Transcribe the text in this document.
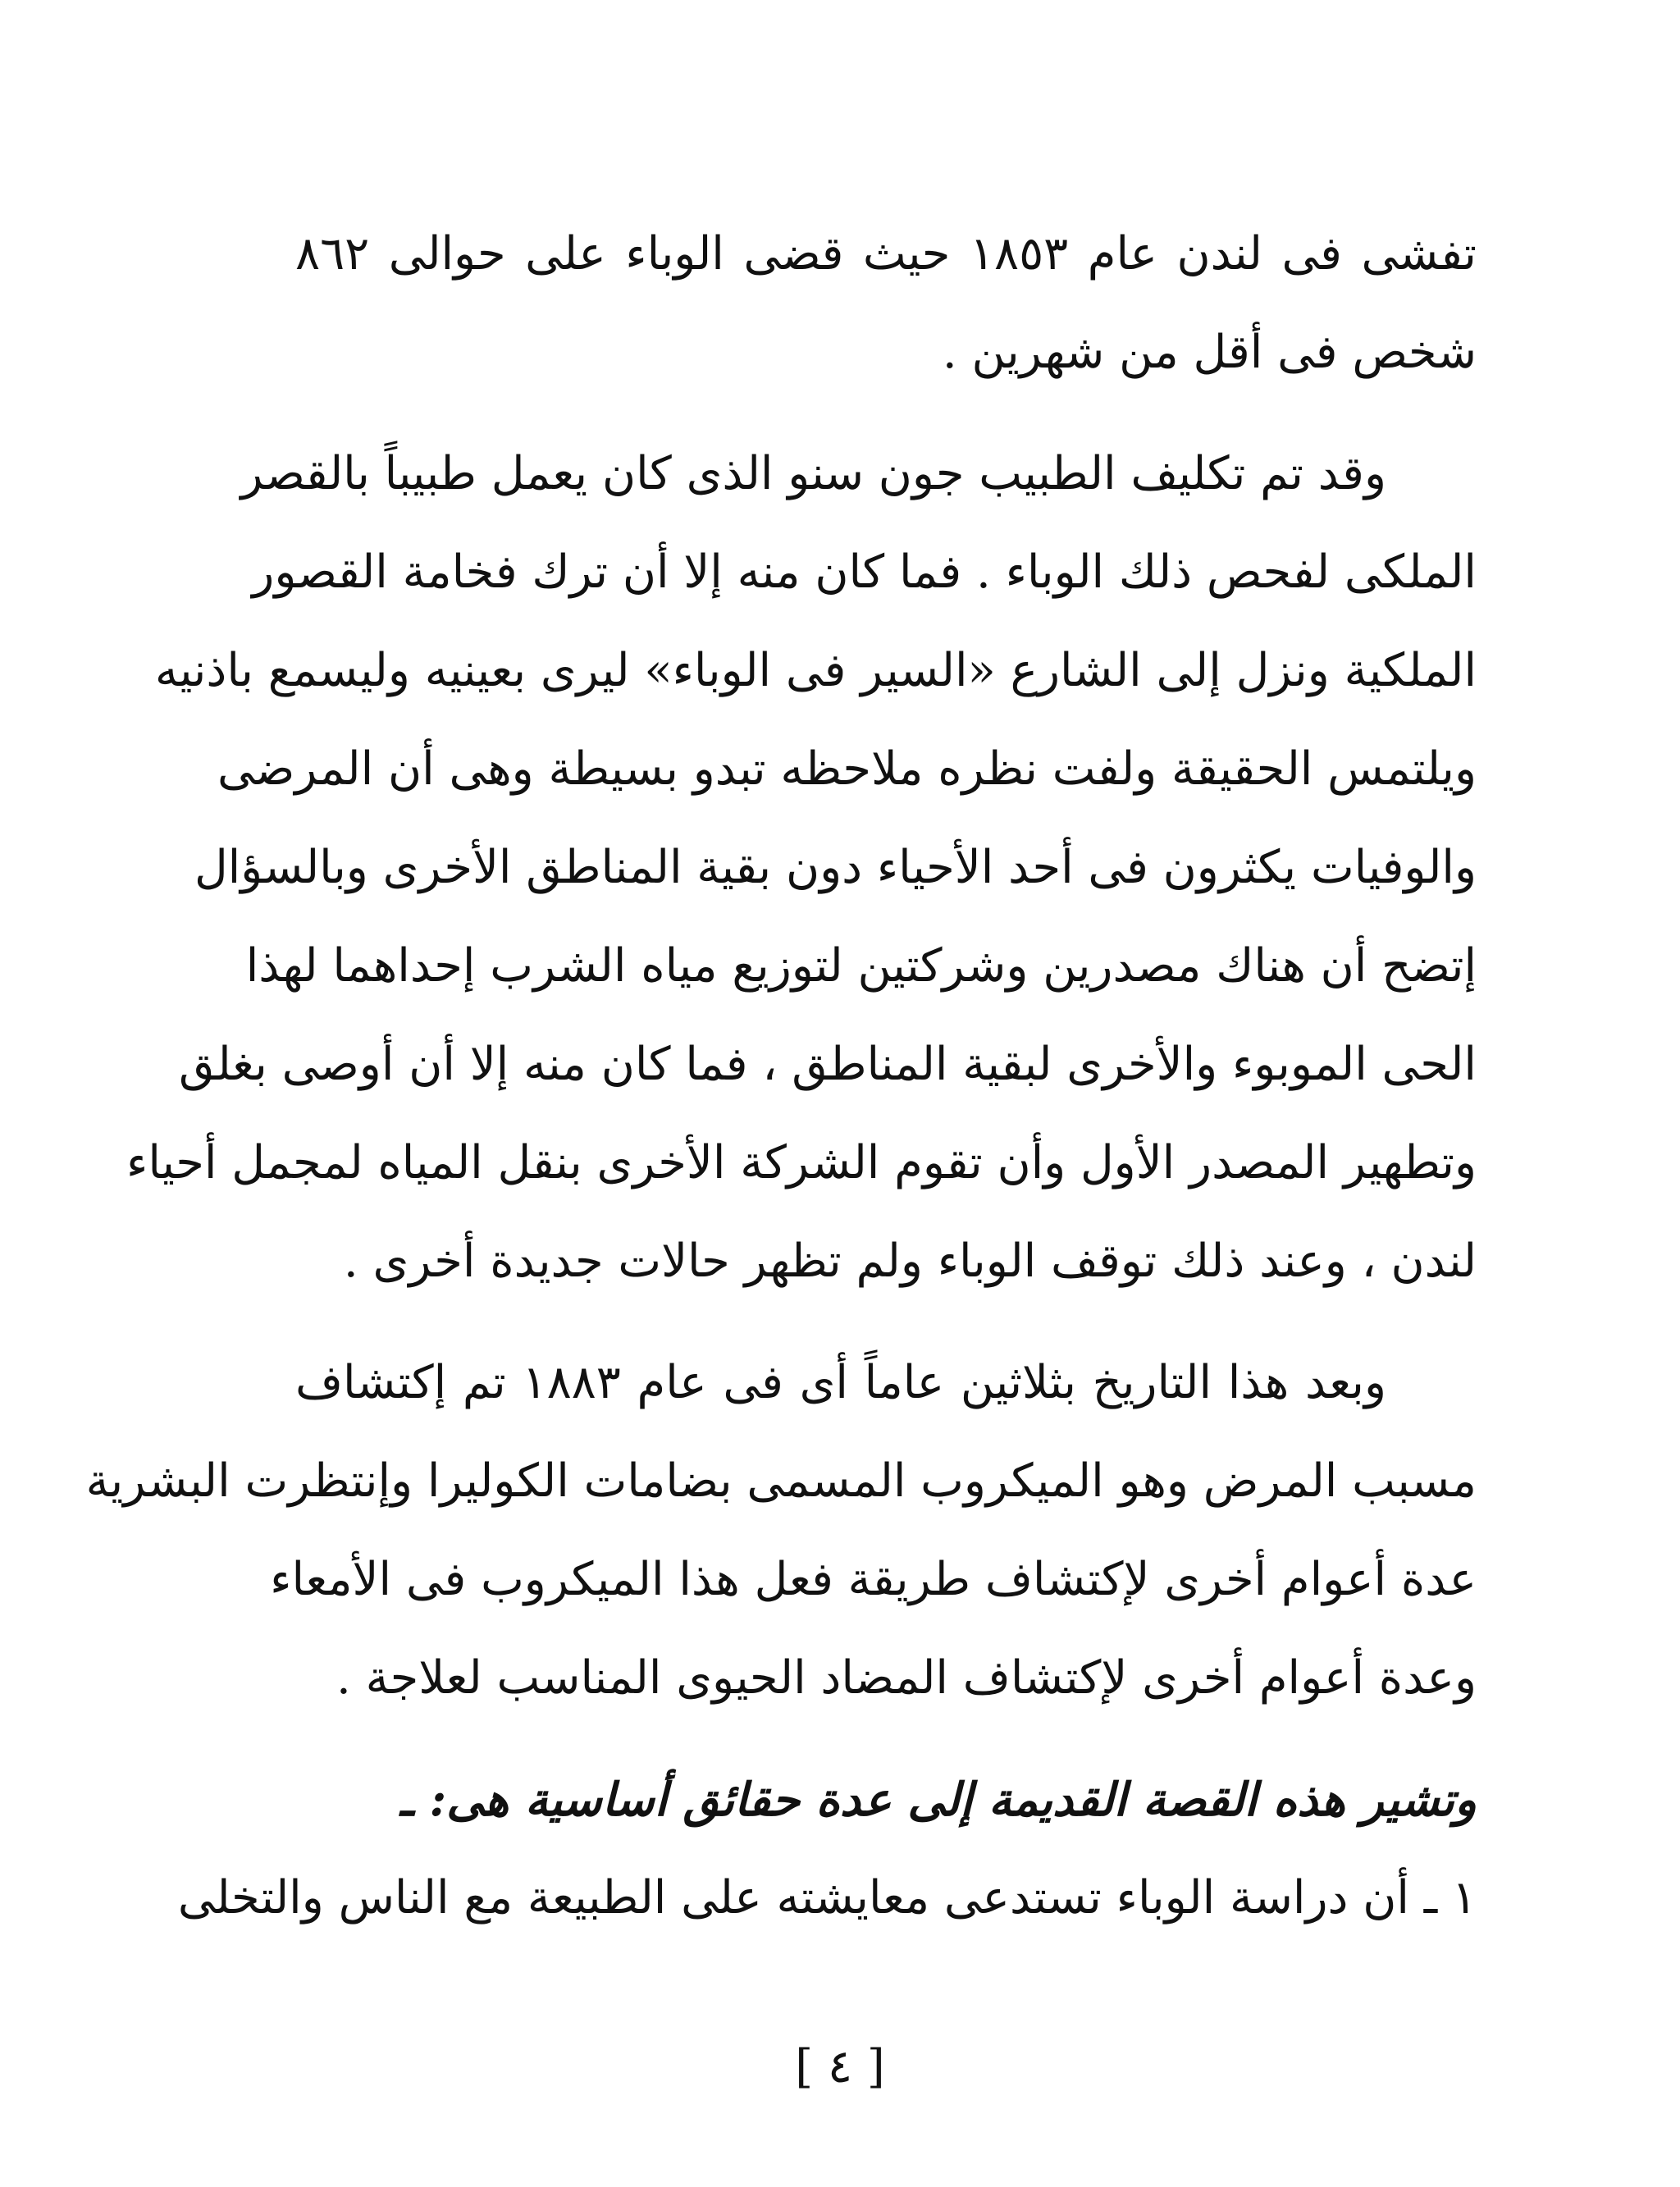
تفشى فى لندن عام ١٨٥٣ حيث قضى الوباء على حوالى ٨٦٢
شخص فى أقل من شهرين .
وقد تم تكليف الطبيب جون سنو الذى كان يعمل طبيباً بالقصر
الملكى لفحص ذلك الوباء . فما كان منه إلا أن ترك فخامة القصور
الملكية ونزل إلى الشارع «السير فى الوباء» ليرى بعينيه وليسمع باذنيه
ويلتمس الحقيقة ولفت نظره ملاحظه تبدو بسيطة وهى أن المرضى
والوفيات يكثرون فى أحد الأحياء دون بقية المناطق الأخرى وبالسؤال
إتضح أن هناك مصدرين وشركتين لتوزيع مياه الشرب إحداهما لهذا
الحى الموبوء والأخرى لبقية المناطق ، فما كان منه إلا أن أوصى بغلق
وتطهير المصدر الأول وأن تقوم الشركة الأخرى بنقل المياه لمجمل أحياء
لندن ، وعند ذلك توقف الوباء ولم تظهر حالات جديدة أخرى .
وبعد هذا التاريخ بثلاثين عاماً أى فى عام ١٨٨٣ تم إكتشاف
مسبب المرض وهو الميكروب المسمى بضامات الكوليرا وإنتظرت البشرية
عدة أعوام أخرى لإكتشاف طريقة فعل هذا الميكروب فى الأمعاء
وعدة أعوام أخرى لإكتشاف المضاد الحيوى المناسب لعلاجة .
وتشير هذه القصة القديمة إلى عدة حقائق أساسية هى: ـ
١ ـ أن دراسة الوباء تستدعى معايشته على الطبيعة مع الناس والتخلى
[ ٤ ]
